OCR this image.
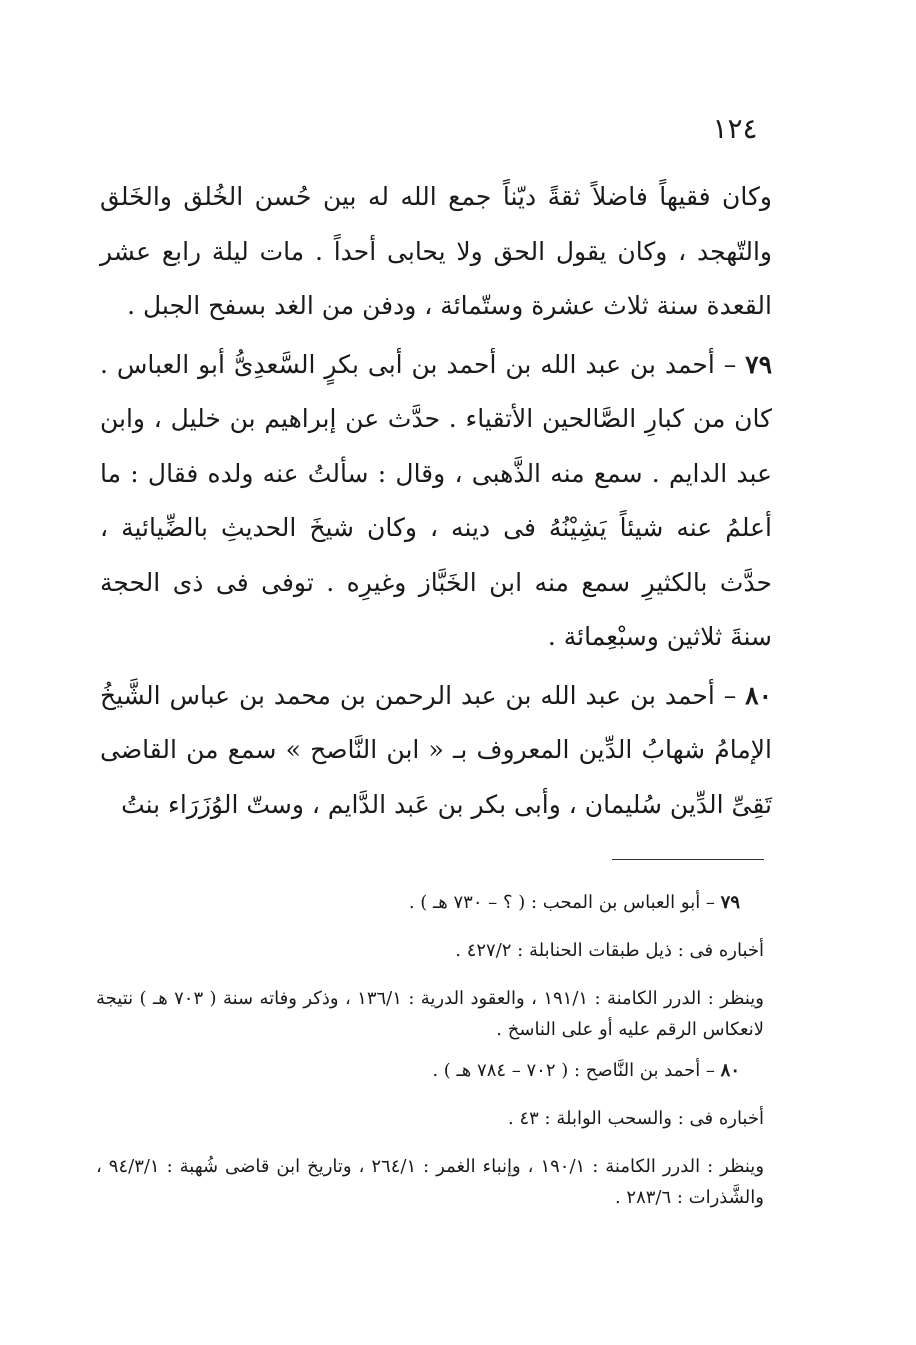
١٢٤

وكان فقيهاً فاضلاً ثقةً ديّناً جمع الله له بين حُسن الخُلق والخَلق والتّهجد ، وكان يقول الحق ولا يحابى أحداً . مات ليلة رابع عشر القعدة سنة ثلاث عشرة وستّمائة ، ودفن من الغد بسفح الجبل .

٧٩ – أحمد بن عبد الله بن أحمد بن أبى بكرٍ السَّعدِىُّ أبو العباس . كان من كبارِ الصَّالحين الأتقياء . حدَّث عن إبراهيم بن خليل ، وابن عبد الدايم . سمع منه الذَّهبى ، وقال : سألتُ عنه ولده فقال : ما أعلمُ عنه شيئاً يَشِيْنُهُ فى دينه ، وكان شيخَ الحديثِ بالضِّيائية ، حدَّث بالكثيرِ سمع منه ابن الخَبَّاز وغيرِه . توفى فى ذى الحجة سنةَ ثلاثين وسبْعِمائة .

٨٠ – أحمد بن عبد الله بن عبد الرحمن بن محمد بن عباس الشَّيخُ الإمامُ شهابُ الدِّين المعروف بـ « ابن النَّاصح » سمع من القاضى تَقِىِّ الدِّين سُليمان ، وأبى بكر بن عَبد الدَّايم ، وستّ الوُزَرَاء بنتُ

٧٩ – أبو العباس بن المحب : ( ؟ – ٧٣٠ هـ ) .

أخباره فى : ذيل طبقات الحنابلة : ٤٢٧/٢ .

وينظر : الدرر الكامنة : ١٩١/١ ، والعقود الدرية : ١٣٦/١ ، وذكر وفاته سنة ( ٧٠٣ هـ ) نتيجة لانعكاس الرقم عليه أو على الناسخ .

٨٠ – أحمد بن النَّاصح : ( ٧٠٢ – ٧٨٤ هـ ) .

أخباره فى : والسحب الوابلة : ٤٣ .

وينظر : الدرر الكامنة : ١٩٠/١ ، وإنباء الغمر : ٢٦٤/١ ، وتاريخ ابن قاضى شُهبة : ٩٤/٣/١ ، والشَّذرات : ٢٨٣/٦ .
